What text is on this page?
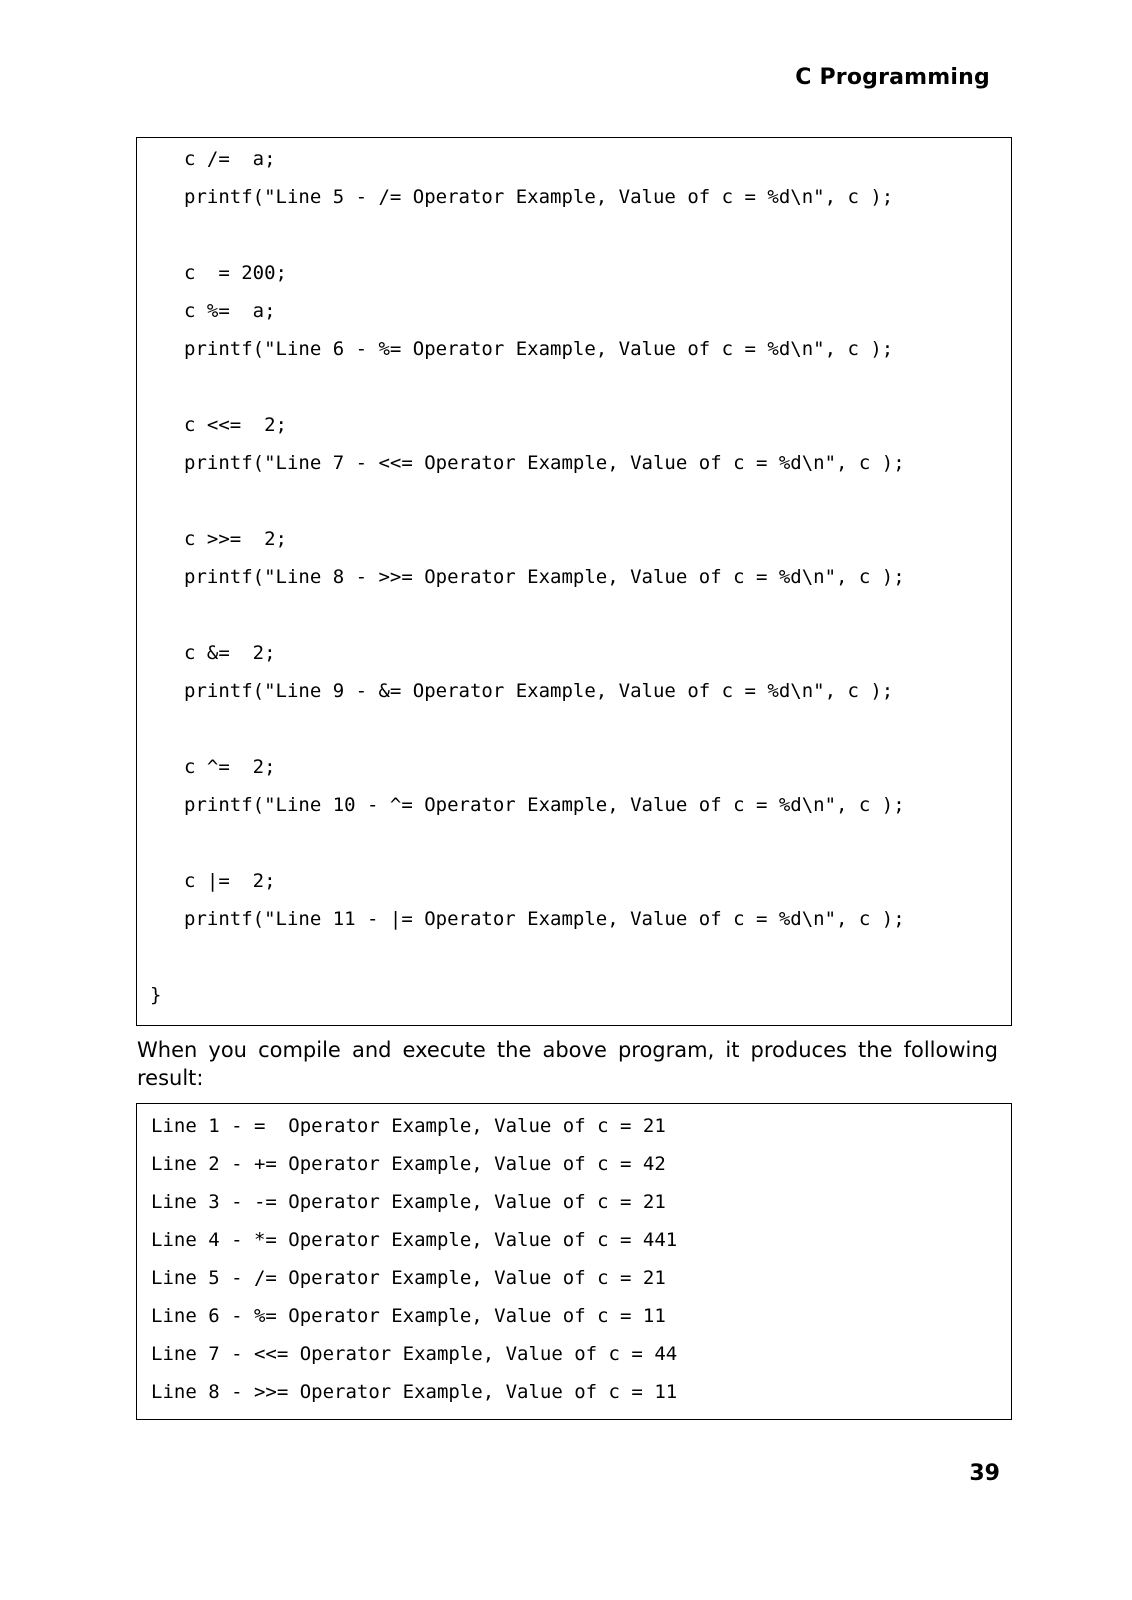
C Programming
c /=  a;
printf("Line 5 - /= Operator Example, Value of c = %d\n", c );
c  = 200;
c %=  a;
printf("Line 6 - %= Operator Example, Value of c = %d\n", c );
c <<=  2;
printf("Line 7 - <<= Operator Example, Value of c = %d\n", c );
c >>=  2;
printf("Line 8 - >>= Operator Example, Value of c = %d\n", c );
c &=  2;
printf("Line 9 - &= Operator Example, Value of c = %d\n", c );
c ^=  2;
printf("Line 10 - ^= Operator Example, Value of c = %d\n", c );
c |=  2;
printf("Line 11 - |= Operator Example, Value of c = %d\n", c );
}
When you compile and execute the above program, it produces the following result:
Line 1 - =  Operator Example, Value of c = 21
Line 2 - += Operator Example, Value of c = 42
Line 3 - -= Operator Example, Value of c = 21
Line 4 - *= Operator Example, Value of c = 441
Line 5 - /= Operator Example, Value of c = 21
Line 6 - %= Operator Example, Value of c = 11
Line 7 - <<= Operator Example, Value of c = 44
Line 8 - >>= Operator Example, Value of c = 11
39
